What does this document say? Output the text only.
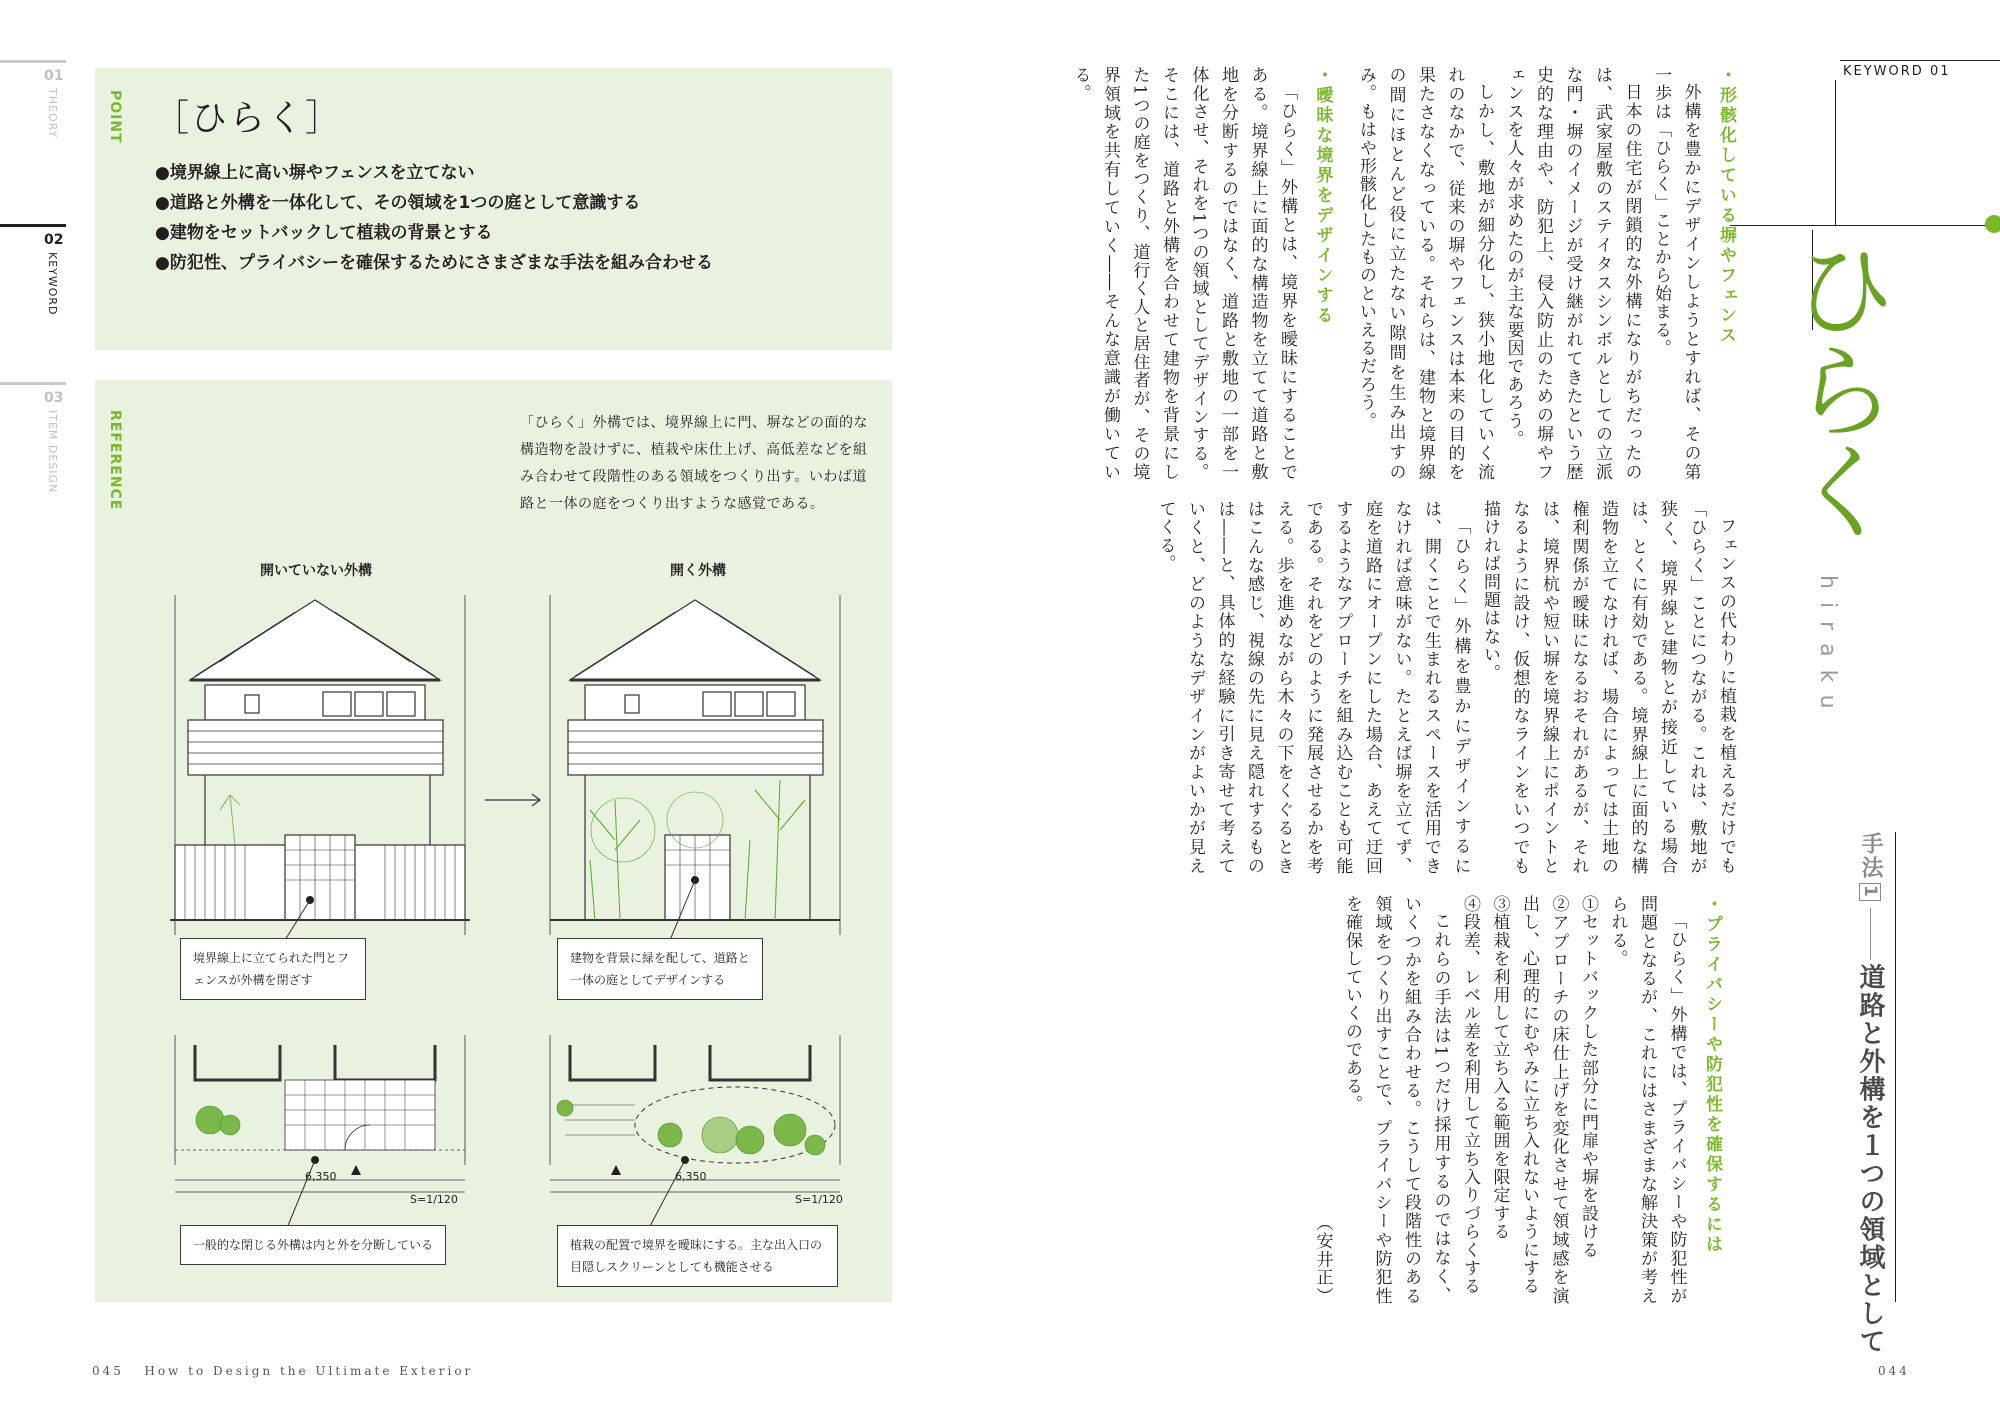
01
THEORY
02
KEYWORD
03
ITEM DESIGN
POINT ［ひらく］
●境界線上に高い塀やフェンスを立てない
●道路と外構を一体化して、その領域を1つの庭として意識する
●建物をセットバックして植栽の背景とする
●防犯性、プライバシーを確保するためにさまざまな手法を組み合わせる
REFERENCE	「ひらく」外構では、境界線上に門、塀などの面的な構造物を設けずに、植栽や床仕上げ、高低差などを組み合わせて段階性のある領域をつくり出す。いわば道路と一体の庭をつくり出すような感覚である。
開いていない外構	開く外構
境界線上に立てられた門とフェンスが外構を閉ざす
建物を背景に緑を配して、道路と一体の庭としてデザインする
6,350	6,350
S=1/120	S=1/120
一般的な閉じる外構は内と外を分断している	植栽の配置で境界を曖昧にする。主な出入口の目隠しスクリーンとしても機能させる
KEYWORD 01
ひらく
hiraku
手法1道路と外構を１つの領域として
・形骸化している塀やフェンス

外構を豊かにデザインしようとすれば、その第一歩は「ひらく」ことから始まる。

日本の住宅が閉鎖的な外構になりがちだったのは、武家屋敷のステイタスシンボルとしての立派な門・塀のイメージが受け継がれてきたという歴史的な理由や、防犯上、侵入防止のための塀やフェンスを人々が求めたのが主な要因であろう。

しかし、敷地が細分化し、狭小地化していく流れのなかで、従来の塀やフェンスは本来の目的を果たさなくなっている。それらは、建物と境界線の間にほとんど役に立たない隙間を生み出すのみ。もはや形骸化したものといえるだろう。

・曖昧な境界をデザインする

「ひらく」外構とは、境界を曖昧にすることである。境界線上に面的な構造物を立てて道路と敷地を分断するのではなく、道路と敷地の一部を一体化させ、それを1つの領域としてデザインする。そこには、道路と外構を合わせて建物を背景にした1つの庭をつくり、道行く人と居住者が、その境界領域を共有していく――そんな意識が働いている。

フェンスの代わりに植栽を植えるだけでも「ひらく」ことにつながる。これは、敷地が狭く、境界線と建物とが接近している場合は、とくに有効である。境界線上に面的な構造物を立てなければ、場合によっては土地の権利関係が曖昧になるおそれがあるが、それは、境界杭や短い塀を境界線上にポイントとなるように設け、仮想的なラインをいつでも描ければ問題はない。

「ひらく」外構を豊かにデザインするには、開くことで生まれるスペースを活用できなければ意味がない。たとえば塀を立てず、庭を道路にオープンにした場合、あえて迂回するようなアプローチを組み込むことも可能である。それをどのように発展させるかを考える。歩を進めながら木々の下をくぐるときはこんな感じ、視線の先に見え隠れするものは――と、具体的な経験に引き寄せて考えていくと、どのようなデザインがよいかが見えてくる。

・プライバシーや防犯性を確保するには

「ひらく」外構では、プライバシーや防犯性が問題となるが、これにはさまざまな解決策が考えられる。

①セットバックした部分に門扉や塀を設ける

②アプローチの床仕上げを変化させて領域感を演出し、心理的にむやみに立ち入れないようにする

③植栽を利用して立ち入る範囲を限定する

④段差、レベル差を利用して立ち入りづらくする

これらの手法は1つだけ採用するのではなく、いくつかを組み合わせる。こうして段階性のある領域をつくり出すことで、プライバシーや防犯性を確保していくのである。

（安井正）

045 How to Design the Ultimate Exterior	044
